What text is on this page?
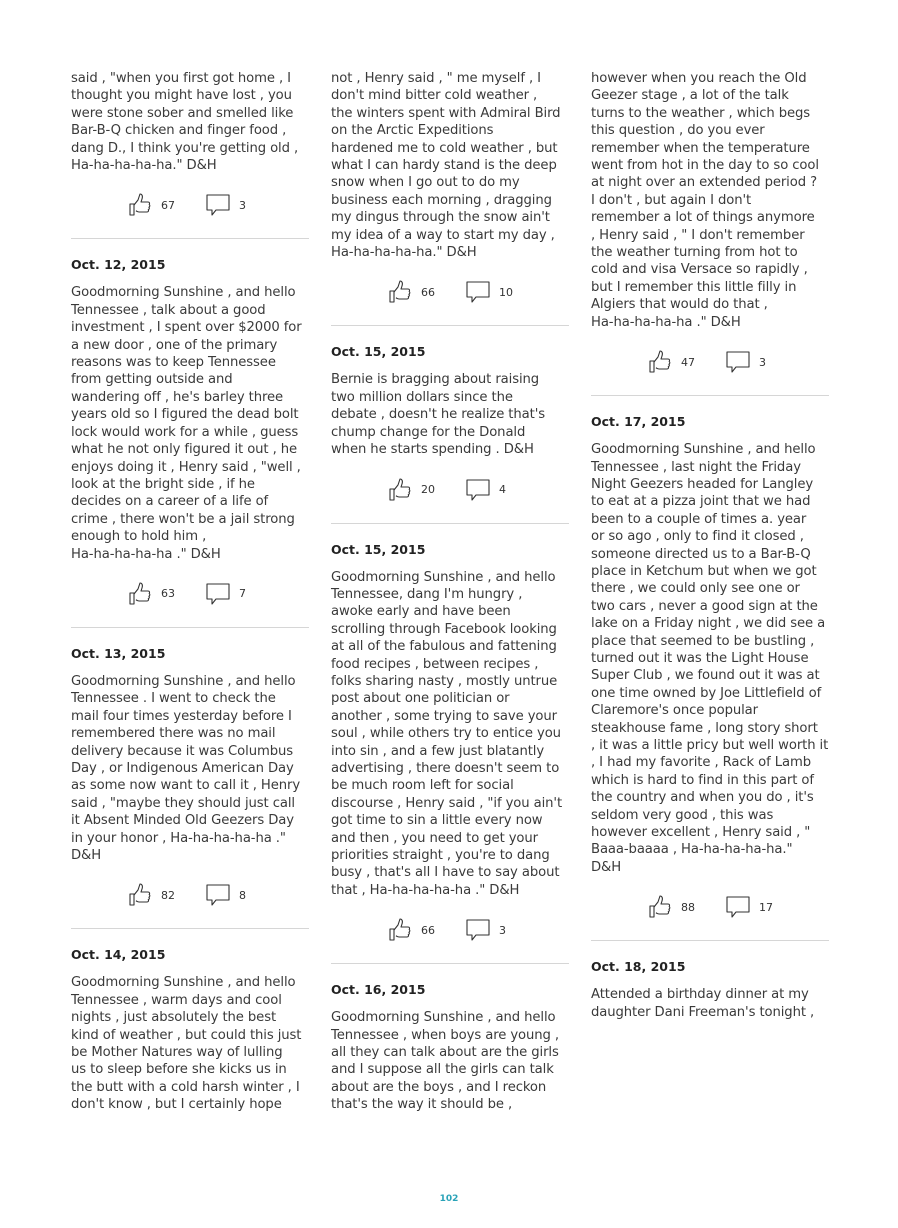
said , "when you first got home , I
thought you might have lost , you
were stone sober and smelled like
Bar-B-Q chicken and finger food ,
dang D., I think you're getting old ,
Ha-ha-ha-ha-ha." D&H

67	3
Oct. 12, 2015

Goodmorning Sunshine , and hello
Tennessee , talk about a good
investment , I spent over $2000 for
a new door , one of the primary
reasons was to keep Tennessee
from getting outside and
wandering off , he's barley three
years old so I figured the dead bolt
lock would work for a while , guess
what he not only figured it out , he
enjoys doing it , Henry said , "well ,
look at the bright side , if he
decides on a career of a life of
crime , there won't be a jail strong
enough to hold him ,
Ha-ha-ha-ha-ha ." D&H

63	7
Oct. 13, 2015

Goodmorning Sunshine , and hello
Tennessee . I went to check the
mail four times yesterday before I
remembered there was no mail
delivery because it was Columbus
Day , or Indigenous American Day
as some now want to call it , Henry
said , "maybe they should just call
it Absent Minded Old Geezers Day
in your honor , Ha-ha-ha-ha-ha ."
D&H

82	8
Oct. 14, 2015

Goodmorning Sunshine , and hello
Tennessee , warm days and cool
nights , just absolutely the best
kind of weather , but could this just
be Mother Natures way of lulling
us to sleep before she kicks us in
the butt with a cold harsh winter , I
don't know , but I certainly hope

not , Henry said , " me myself , I
don't mind bitter cold weather ,
the winters spent with Admiral Bird
on the Arctic Expeditions
hardened me to cold weather , but
what I can hardy stand is the deep
snow when I go out to do my
business each morning , dragging
my dingus through the snow ain't
my idea of a way to start my day ,
Ha-ha-ha-ha-ha." D&H

66	10
Oct. 15, 2015

Bernie is bragging about raising
two million dollars since the
debate , doesn't he realize that's
chump change for the Donald
when he starts spending . D&H

20	4
Oct. 15, 2015

Goodmorning Sunshine , and hello
Tennessee, dang I'm hungry ,
awoke early and have been
scrolling through Facebook looking
at all of the fabulous and fattening
food recipes , between recipes ,
folks sharing nasty , mostly untrue
post about one politician or
another , some trying to save your
soul , while others try to entice you
into sin , and a few just blatantly
advertising , there doesn't seem to
be much room left for social
discourse , Henry said , "if you ain't
got time to sin a little every now
and then , you need to get your
priorities straight , you're to dang
busy , that's all I have to say about
that , Ha-ha-ha-ha-ha ." D&H

66	3
Oct. 16, 2015

Goodmorning Sunshine , and hello
Tennessee , when boys are young ,
all they can talk about are the girls
and I suppose all the girls can talk
about are the boys , and I reckon
that's the way it should be ,

however when you reach the Old
Geezer stage , a lot of the talk
turns to the weather , which begs
this question , do you ever
remember when the temperature
went from hot in the day to so cool
at night over an extended period ?
I don't , but again I don't
remember a lot of things anymore
, Henry said , " I don't remember
the weather turning from hot to
cold and visa Versace so rapidly ,
but I remember this little filly in
Algiers that would do that ,
Ha-ha-ha-ha-ha ." D&H

47	3
Oct. 17, 2015

Goodmorning Sunshine , and hello
Tennessee , last night the Friday
Night Geezers headed for Langley
to eat at a pizza joint that we had
been to a couple of times a. year
or so ago , only to find it closed ,
someone directed us to a Bar-B-Q
place in Ketchum but when we got
there , we could only see one or
two cars , never a good sign at the
lake on a Friday night , we did see a
place that seemed to be bustling ,
turned out it was the Light House
Super Club , we found out it was at
one time owned by Joe Littlefield of
Claremore's once popular
steakhouse fame , long story short
, it was a little pricy but well worth it
, I had my favorite , Rack of Lamb
which is hard to find in this part of
the country and when you do , it's
seldom very good , this was
however excellent , Henry said , "
Baaa-baaaa , Ha-ha-ha-ha-ha."
D&H

88	17
Oct. 18, 2015

Attended a birthday dinner at my
daughter Dani Freeman's tonight ,

102
